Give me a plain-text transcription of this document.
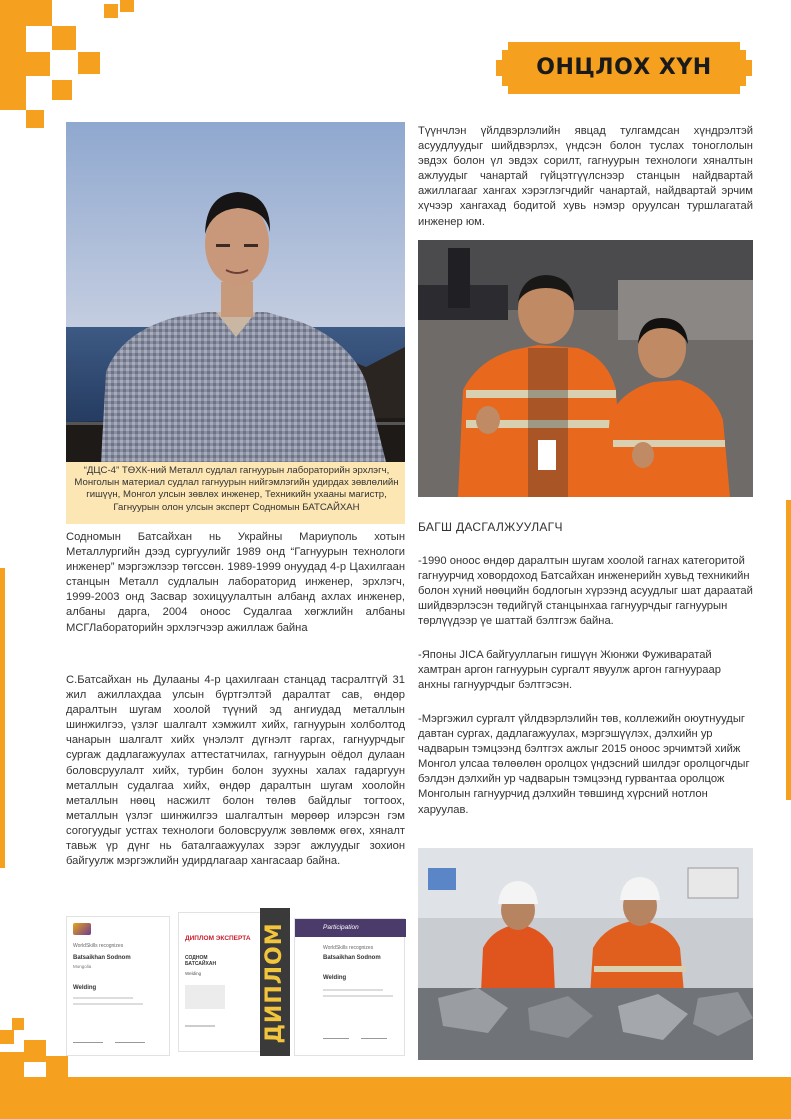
ОНЦЛОХ ХҮН
“ДЦС-4” ТӨХК-ний Металл судлал гагнуурын лабораторийн эрхлэгч, Монголын материал судлал гагнуурын нийгэмлэгийн удирдах зөвлөлийн гишүүн, Монгол улсын зөвлөх инженер, Техникийн ухааны магистр, Гагнуурын олон улсын эксперт Содномын БАТСАЙХАН
Содномын Батсайхан нь Украйны Мариуполь хотын Металлургийн дээд сургуулийг 1989 онд “Гагнуурын технологи инженер” мэргэжлээр төгссөн. 1989-1999 онуудад 4-р Цахилгаан станцын Металл судлалын лабораторид инженер, эрхлэгч, 1999-2003 онд Засвар зохицуулалтын албанд ахлах инженер, албаны дарга, 2004 оноос Судалгаа хөгжлийн албаны МСГЛабораторийн эрхлэгчээр ажиллаж байна
С.Батсайхан нь Дулааны 4-р цахилгаан станцад тасралтгүй 31 жил ажиллахдаа улсын бүртгэлтэй даралтат сав, өндөр даралтын шугам хоолой түүний эд ангиудад металлын шинжилгээ, үзлэг шалгалт хэмжилт хийх, гагнуурын холболтод чанарын шалгалт хийх үнэлэлт дүгнэлт гаргах, гагнуурчдыг сургаж дадлагажуулах аттестатчилах, гагнуурын оёдол дулаан боловсруулалт хийх, турбин болон зуухны халах гадаргуун металлын судалгаа хийх, өндөр даралтын шугам хоолойн металлын нөөц насжилт болон төлөв байдлыг тогтоох, металлын үзлэг шинжилгээ шалгалтын мөрөөр илэрсэн гэм согогуудыг устгах технологи боловсруулж зөвлөмж өгөх, хяналт тавьж үр дүнг нь баталгаажуулах зэрэг ажлуудыг зохион байгуулж мэргэжлийн удирдлагаар хангасаар байна.
WorldSkills recognizes
Batsaikhan Sodnom
Mongolia
Welding
ДИПЛОМ ЭКСПЕРТА
СОДНОМ
БАТСАЙХАН
Welding	ДИПЛОМ	Participation
WorldSkills recognizes
Batsaikhan Sodnom
Welding
Түүнчлэн үйлдвэрлэлийн явцад тулгамдсан хүндрэлтэй асуудлуудыг шийдвэрлэх, үндсэн болон туслах тоноглолын эвдэх болон үл эвдэх сорилт, гагнуурын технологи хяналтын ажлуудыг чанартай гүйцэтгүүлснээр станцын найдвартай ажиллагааг хангах хэрэглэгчдийг чанартай, найдвартай эрчим хүчээр хангахад бодитой хувь нэмэр оруулсан туршлагатай инженер юм.
БАГШ ДАСГАЛЖУУЛАГЧ
-1990 оноос өндөр даралтын шугам хоолой гагнах категоритой гагнуурчид ховордоход Батсайхан инженерийн хувьд техникийн болон хүний нөөцийн бодлогын хүрээнд асуудлыг шат дараатай шийдвэрлэсэн төдийгүй станцынхаа гагнуурчдыг гагнуурын төрлүүдээр үе шаттай бэлтгэж байна.
-Японы JICA байгууллагын гишүүн Жюнжи Фуживаратай хамтран аргон гагнуурын сургалт явуулж аргон гагнуураар анхны гагнуурчдыг бэлтгэсэн.
-Мэргэжил сургалт үйлдвэрлэлийн төв, коллежийн оюутнуудыг давтан сургах, дадлагажуулах, мэргэшүүлэх, дэлхийн ур чадварын тэмцээнд бэлтгэх ажлыг 2015 оноос эрчимтэй хийж Монгол улсаа төлөөлөн оролцох үндэсний шилдэг оролцогчдыг бэлдэн дэлхийн ур чадварын тэмцээнд гурвантаа оролцож Монголын гагнуурчид дэлхийн төвшинд хүрсний нотлон харуулав.
